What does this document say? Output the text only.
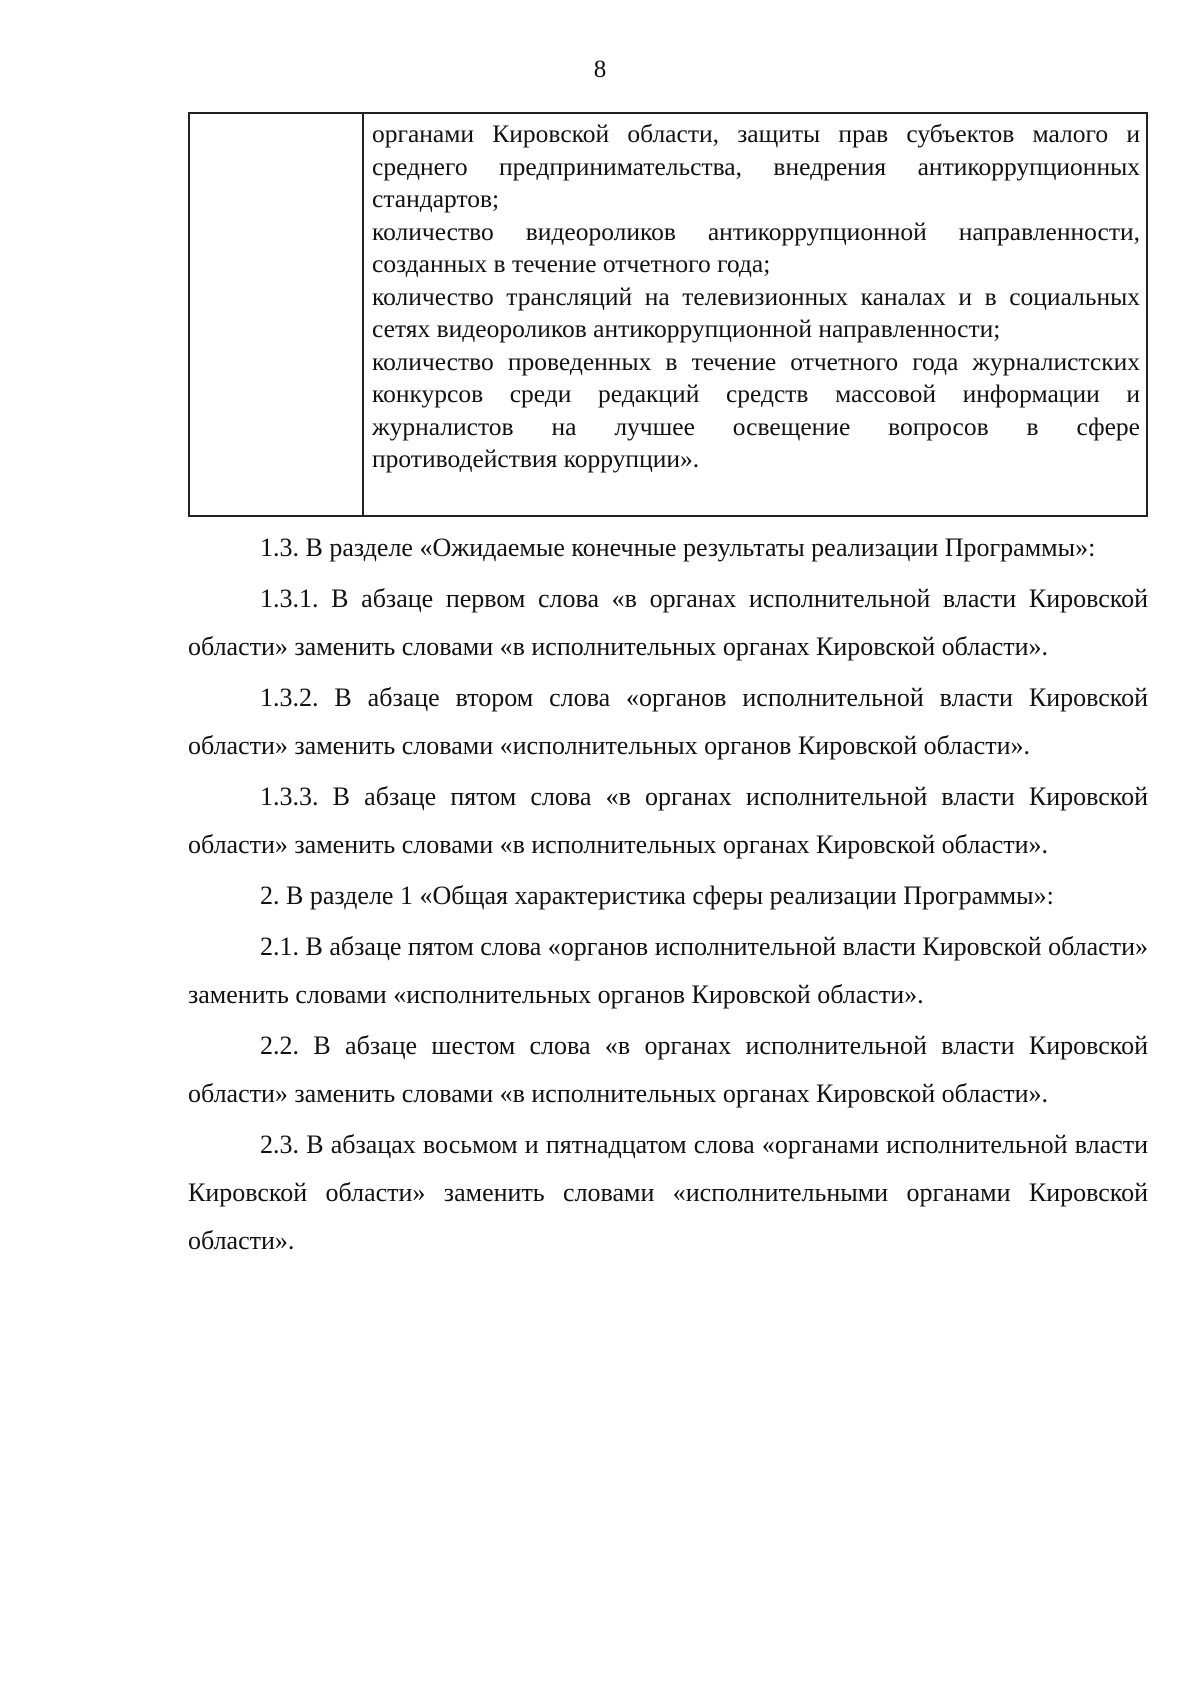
8

органами Кировской области, защиты прав субъектов малого и среднего предпринимательства, внедрения антикоррупционных стандартов;

количество видеороликов антикоррупционной направленности, созданных в течение отчетного года;

количество трансляций на телевизионных каналах и в социальных сетях видеороликов антикоррупционной направленности;

количество проведенных в течение отчетного года журналистских конкурсов среди редакций средств массовой информации и журналистов на лучшее освещение вопросов в сфере противодействия коррупции».

1.3. В разделе «Ожидаемые конечные результаты реализации Программы»:

1.3.1. В абзаце первом слова «в органах исполнительной власти Кировской области» заменить словами «в исполнительных органах Кировской области».

1.3.2. В абзаце втором слова «органов исполнительной власти Кировской области» заменить словами «исполнительных органов Кировской области».

1.3.3. В абзаце пятом слова «в органах исполнительной власти Кировской области» заменить словами «в исполнительных органах Кировской области».

2. В разделе 1 «Общая характеристика сферы реализации Программы»:

2.1. В абзаце пятом слова «органов исполнительной власти Кировской области» заменить словами «исполнительных органов Кировской области».

2.2. В абзаце шестом слова «в органах исполнительной власти Кировской области» заменить словами «в исполнительных органах Кировской области».

2.3. В абзацах восьмом и пятнадцатом слова «органами исполнительной власти Кировской области» заменить словами «исполнительными органами Кировской области».
